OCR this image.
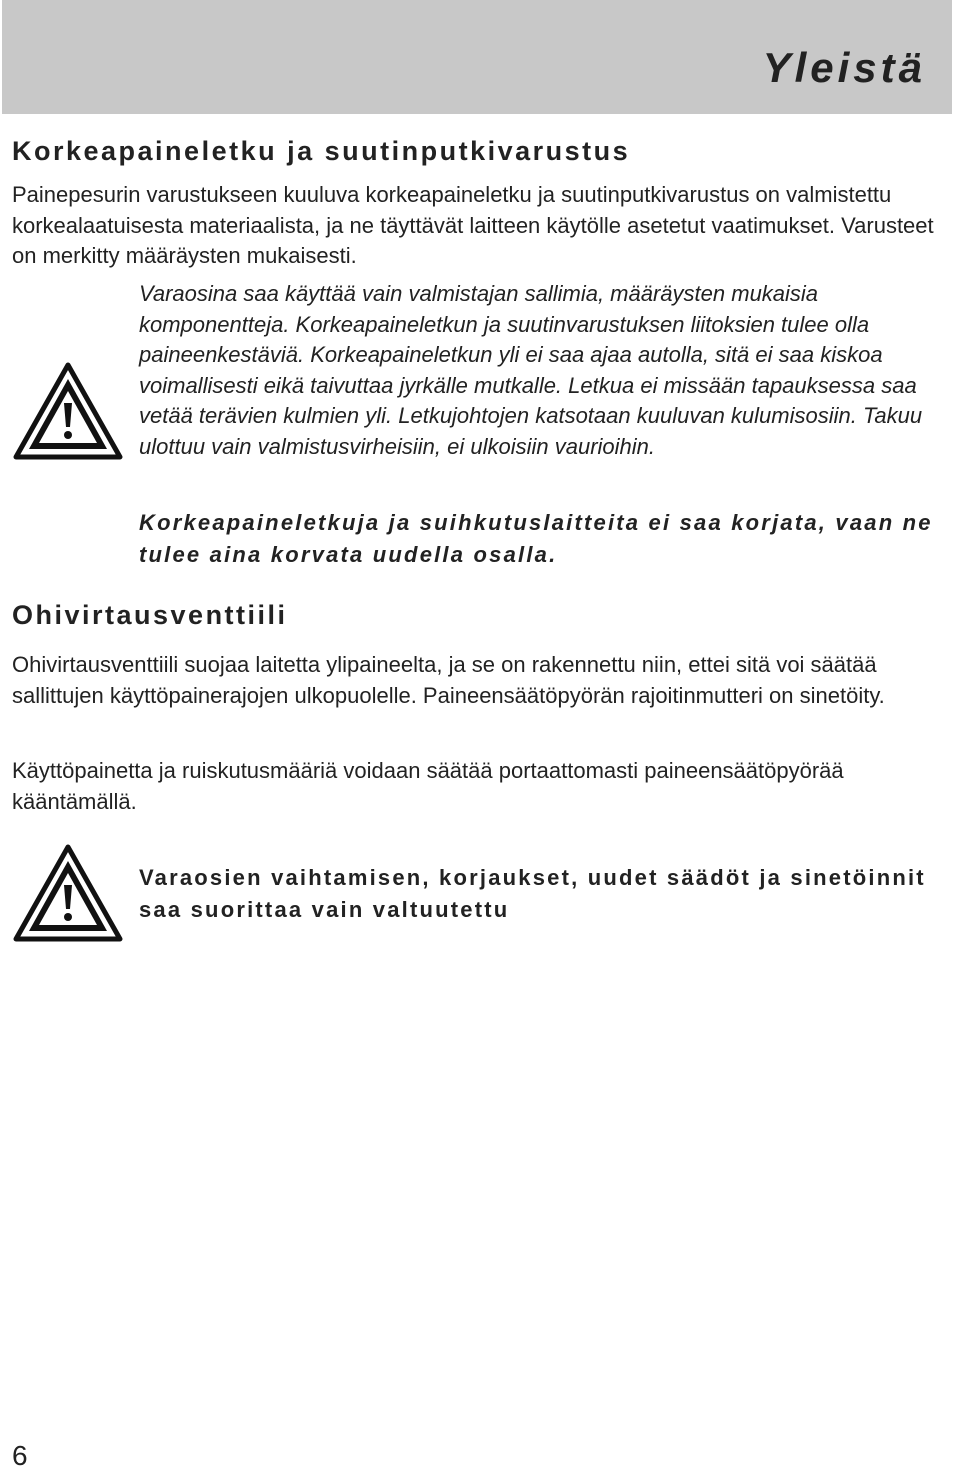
Yleistä
Korkeapaineletku ja suutinputkivarustus

Painepesurin varustukseen kuuluva korkeapaineletku ja suutinputkivarustus on valmistettu korkealaatuisesta materiaalista, ja ne täyttävät laitteen käytölle asetetut vaatimukset. Varusteet on merkitty määräysten mukaisesti.

Varaosina saa käyttää vain valmistajan sallimia, määräysten mukaisia komponentteja. Korkeapaineletkun ja suutinvarustuksen liitoksien tulee olla paineenkestäviä. Korkeapaineletkun yli ei saa ajaa autolla, sitä ei saa kiskoa voimallisesti eikä taivuttaa jyrkälle mutkalle. Letkua ei missään tapauksessa saa vetää terävien kulmien yli. Letkujohtojen katsotaan kuuluvan kulumisosiin. Takuu ulottuu vain valmistusvirheisiin, ei ulkoisiin vaurioihin.

Korkeapaineletkuja ja suihkutuslaitteita ei saa korjata, vaan ne tulee aina korvata uudella osalla.

Ohivirtausventtiili

Ohivirtausventtiili suojaa laitetta ylipaineelta, ja se on rakennettu niin, ettei sitä voi säätää sallittujen käyttöpainerajojen ulkopuolelle. Paineensäätöpyörän rajoitinmutteri on sinetöity.

Käyttöpainetta ja ruiskutusmääriä voidaan säätää portaattomasti paineensäätöpyörää kääntämällä.

Varaosien vaihtamisen, korjaukset, uudet säädöt ja sinetöinnit saa suorittaa vain valtuutettu

6
